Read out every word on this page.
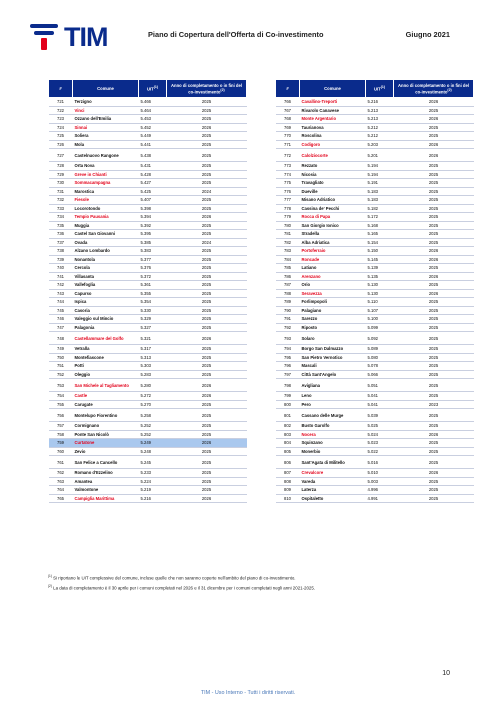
TIM	Piano di Copertura dell'Offerta di Co-investimento	Giugno 2021
#	Comune	UIT$^{(1)}$	Anno di completamento o in fini del co-investimento$^{(2)}$
721	Terzigno	5.466	2025
722	Vinci	5.464	2025
723	Ozzano dell'Emilia	5.453	2025
724	Sinnai	5.452	2026
725	Soliera	5.449	2025
726	Mola	5.441	2025
727	Castelnuovo Rangone	5.438	2025
728	Orta Nova	5.431	2025
729	Greve in Chianti	5.428	2025
730	Sommacampagna	5.427	2025
731	Marostica	5.425	2024
732	Fiesole	5.407	2025
733	Locorotondo	5.398	2025
734	Tempio Pausania	5.394	2026
735	Muggia	5.392	2025
736	Castel San Giovanni	5.395	2025
737	Ovada	5.385	2024
738	Alzano Lombardo	5.383	2025
739	Nonantola	5.377	2025
740	Cercola	5.376	2025
741	Villasanta	5.372	2025
742	Vallefoglia	5.361	2025
743	Capurso	5.355	2025
744	Ispica	5.354	2025
745	Casoria	5.330	2025
746	Valeggio sul Mincio	5.329	2025
747	Palagonia	5.327	2025
748	Castellammare del Golfo	5.321	2026
749	Vetralla	5.317	2025
750	Montefiascone	5.313	2025
751	Potti	5.303	2025
752	Oleggio	5.283	2025
753	San Michele al Tagliamento	5.280	2026
754	Castle	5.272	2026
755	Carugate	5.270	2025
756	Montelupo Fiorentino	5.258	2025
757	Cormignano	5.252	2025
758	Ponte San Nicolò	5.252	2025
759	Curtatone	5.249	2026
760	Zevio	5.248	2025
761	San Felice a Cancello	5.245	2025
762	Romano d'Ezzelino	5.233	2025
763	Amantea	5.224	2025
764	Valmontone	5.219	2025
765	Campiglia Marittima	5.216	2026
#	Comune	UIT$^{(1)}$	Anno di completamento o in fini del co-investimento$^{(2)}$
766	Cavallino-Treporti	5.216	2026
767	Rivarolo Canavese	5.213	2025
768	Monte Argentario	5.213	2026
769	Taurianova	5.212	2025
770	Roscolina	5.212	2025
771	Codigoro	5.203	2026
772	Calolziocorte	5.201	2026
773	Rezzato	5.194	2025
774	Nicosia	5.194	2025
775	Travagliato	5.191	2025
776	Dueville	5.183	2025
777	Misano Adriatico	5.183	2025
778	Cassina de' Pecchi	5.182	2025
779	Rocca di Papa	5.172	2025
780	San Giorgio Ionico	5.168	2025
781	Stradella	5.165	2025
782	Alba Adriatica	5.154	2025
783	Portoferraio	5.150	2026
784	Roncade	5.145	2026
785	Latiano	5.139	2025
786	Arenzano	5.135	2026
787	Orio	5.130	2025
788	Seravezza	5.130	2026
789	Forlimpopoli	5.110	2025
790	Palagiano	5.107	2025
791	Sarezzo	5.100	2025
792	Riposto	5.099	2025
793	Solaro	5.092	2025
794	Borgo San Dalmazzo	5.089	2025
795	San Pietro Vernotico	5.080	2025
796	Mascali	5.078	2025
797	Città Sant'Angelo	5.066	2025
798	Avigliana	5.051	2025
799	Leno	5.041	2025
800	Pero	5.041	2023
801	Cassano delle Murge	5.039	2025
802	Busto Garolfo	5.025	2025
803	Nocera	5.024	2026
804	Squinzano	5.023	2025
805	Monerbio	5.022	2025
806	Sant'Agata di Militello	5.016	2025
807	Crevalcore	5.010	2026
808	Vareda	5.003	2025
809	Laterza	4.996	2025
810	Ospitaletto	4.991	2025

$^{(1)}$ Si riportano le UIT complessive del comune, incluse quelle che non saranno coperte nell'ambito del piano di co-investimento.

$^{(2)}$ La data di completamento è il 30 aprile per i comuni completati nel 2026 e il 31 dicembre per i comuni completati negli anni 2021-2025.

10
TIM - Uso Interno - Tutti i diritti riservati.
